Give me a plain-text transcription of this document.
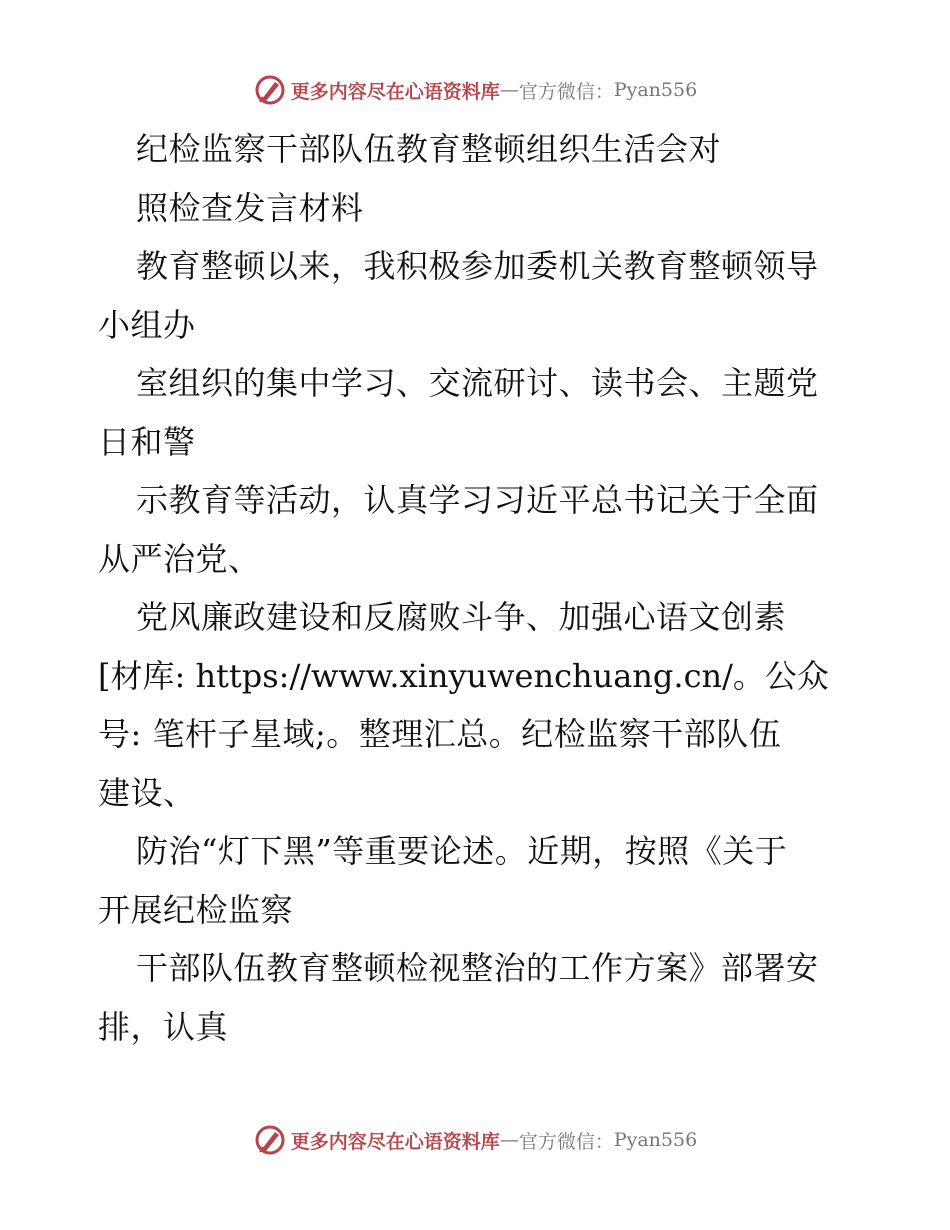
更多内容尽在心语资料库 — 官方微信： Pyan556
纪检监察干部队伍教育整顿组织生活会对
照检查发言材料
教育整顿以来，我积极参加委机关教育整顿领导
小组办
室组织的集中学习、交流研讨、读书会、主题党
日和警
示教育等活动，认真学习习近平总书记关于全面
从严治党、
党风廉政建设和反腐败斗争、加强心语文创素
[材库: https://www.xinyuwenchuang.cn/。公众
号: 笔杆子星域;。整理汇总。纪检监察干部队伍
建设、
防治“灯下黑”等重要论述。近期，按照《关于
开展纪检监察
干部队伍教育整顿检视整治的工作方案》部署安
排，认真
更多内容尽在心语资料库 — 官方微信： Pyan556
